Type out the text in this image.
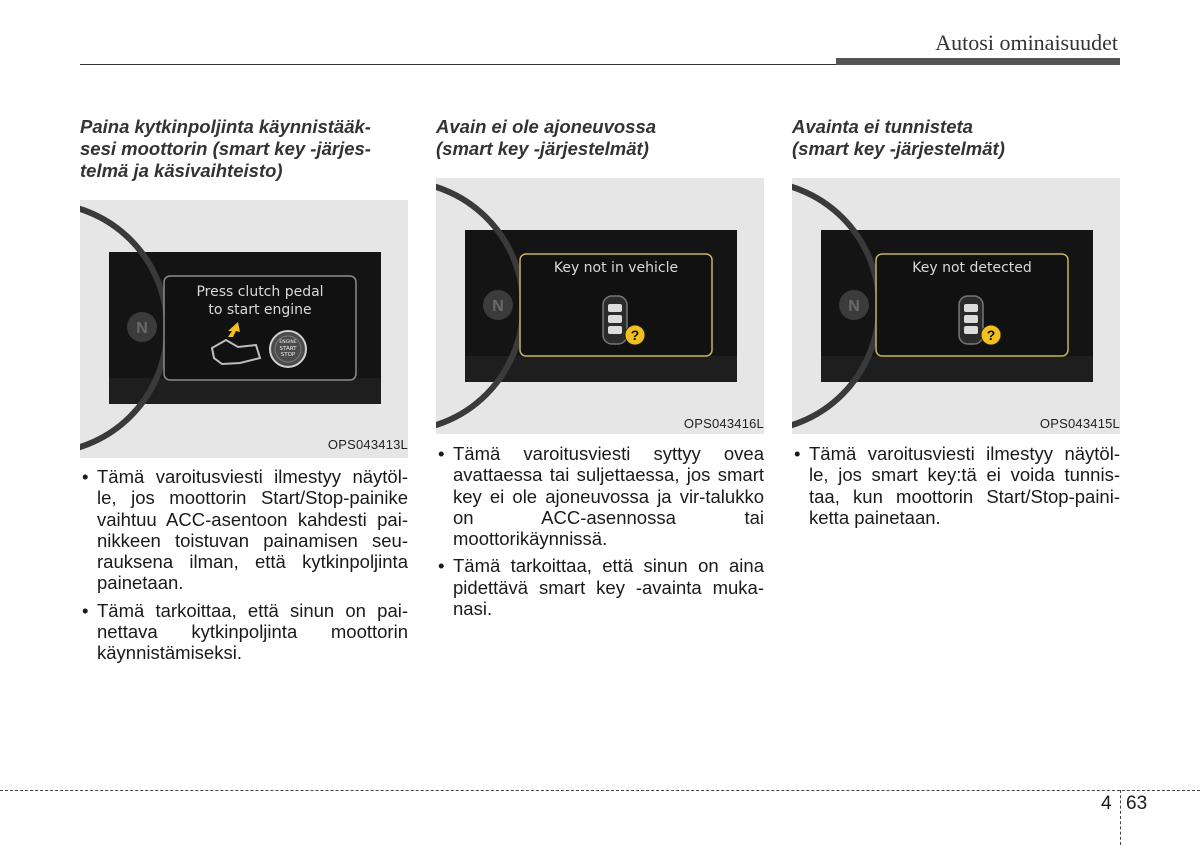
Autosi ominaisuudet
Paina kytkinpoljinta käynnistääk-
sesi moottorin (smart key -järjes-
telmä ja käsivaihteisto)
N
Press clutch pedal
to start engine
ENGINE
START
STOP
OPS043413L
• Tämä varoitusviesti ilmestyy näytöl-le, jos moottorin Start/Stop-painike vaihtuu ACC-asentoon kahdesti pai-nikkeen toistuvan painamisen seu-rauksena ilman, että kytkinpoljinta painetaan.
• Tämä tarkoittaa, että sinun on pai-nettava kytkinpoljinta moottorin käynnistämiseksi.
Avain ei ole ajoneuvossa
(smart key -järjestelmät)
N
Key not in vehicle
?
OPS043416L
• Tämä varoitusviesti syttyy ovea avattaessa tai suljettaessa, jos smart key ei ole ajoneuvossa ja vir-talukko on ACC-asennossa tai moottorikäynnissä.
• Tämä tarkoittaa, että sinun on aina pidettävä smart key -avainta muka-nasi.
Avainta ei tunnisteta
(smart key -järjestelmät)
N
Key not detected
?
OPS043415L
• Tämä varoitusviesti ilmestyy näytöl-le, jos smart key:tä ei voida tunnis-taa, kun moottorin Start/Stop-paini-ketta painetaan.
4 63
